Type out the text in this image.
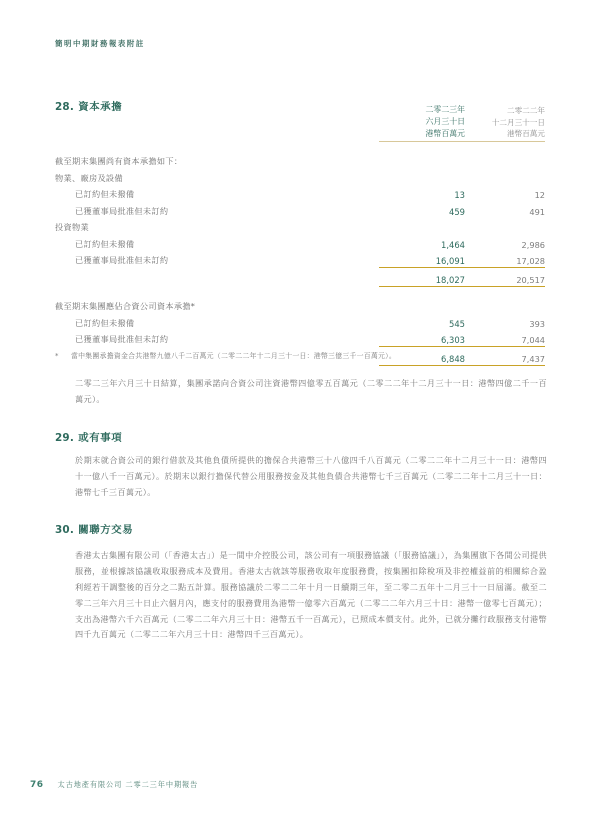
簡明中期財務報表附註
28. 資本承擔
		二零二三年
六月三十日
港幣百萬元

二零二二年
十二月三十一日
港幣百萬元

截至期末集團尚有資本承擔如下：		
物業、廠房及設備		
已訂約但未撥備	13	12
已獲董事局批准但未訂約	459	491
投資物業		
已訂約但未撥備	1,464	2,986
已獲董事局批准但未訂約	16,091	17,028

	18,027	20,517

截至期末集團應佔合資公司資本承擔*		
已訂約但未撥備	545	393
已獲董事局批准但未訂約	6,303	7,044

	6,848	7,437

*	當中集團承擔資金合共港幣九億八千二百萬元（二零二二年十二月三十一日：港幣三億三千一百萬元）。
二零二三年六月三十日結算，集團承諾向合資公司注資港幣四億零五百萬元（二零二二年十二月三十一日：港幣四億二千一百萬元）。
29. 或有事項
於期末就合資公司的銀行借款及其他負債所提供的擔保合共港幣三十八億四千八百萬元（二零二二年十二月三十一日：港幣四十一億八千一百萬元）。於期末以銀行擔保代替公用服務按金及其他負債合共港幣七千三百萬元（二零二二年十二月三十一日：港幣七千三百萬元）。
30. 關聯方交易
香港太古集團有限公司（「香港太古」）是一間中介控股公司，該公司有一項服務協議（「服務協議」），為集團旗下各間公司提供服務，並根據該協議收取服務成本及費用。香港太古就該等服務收取年度服務費，按集團扣除稅項及非控權益前的相關綜合盈利經若干調整後的百分之二點五計算。服務協議於二零二二年十月一日續期三年，至二零二五年十二月三十一日屆滿。截至二零二三年六月三十日止六個月內，應支付的服務費用為港幣一億零六百萬元（二零二二年六月三十日：港幣一億零七百萬元）；支出為港幣六千六百萬元（二零二二年六月三十日：港幣五千一百萬元），已照成本價支付。此外，已就分攤行政服務支付港幣四千九百萬元（二零二二年六月三十日：港幣四千三百萬元）。
76 太古地產有限公司 二零二三年中期報告
